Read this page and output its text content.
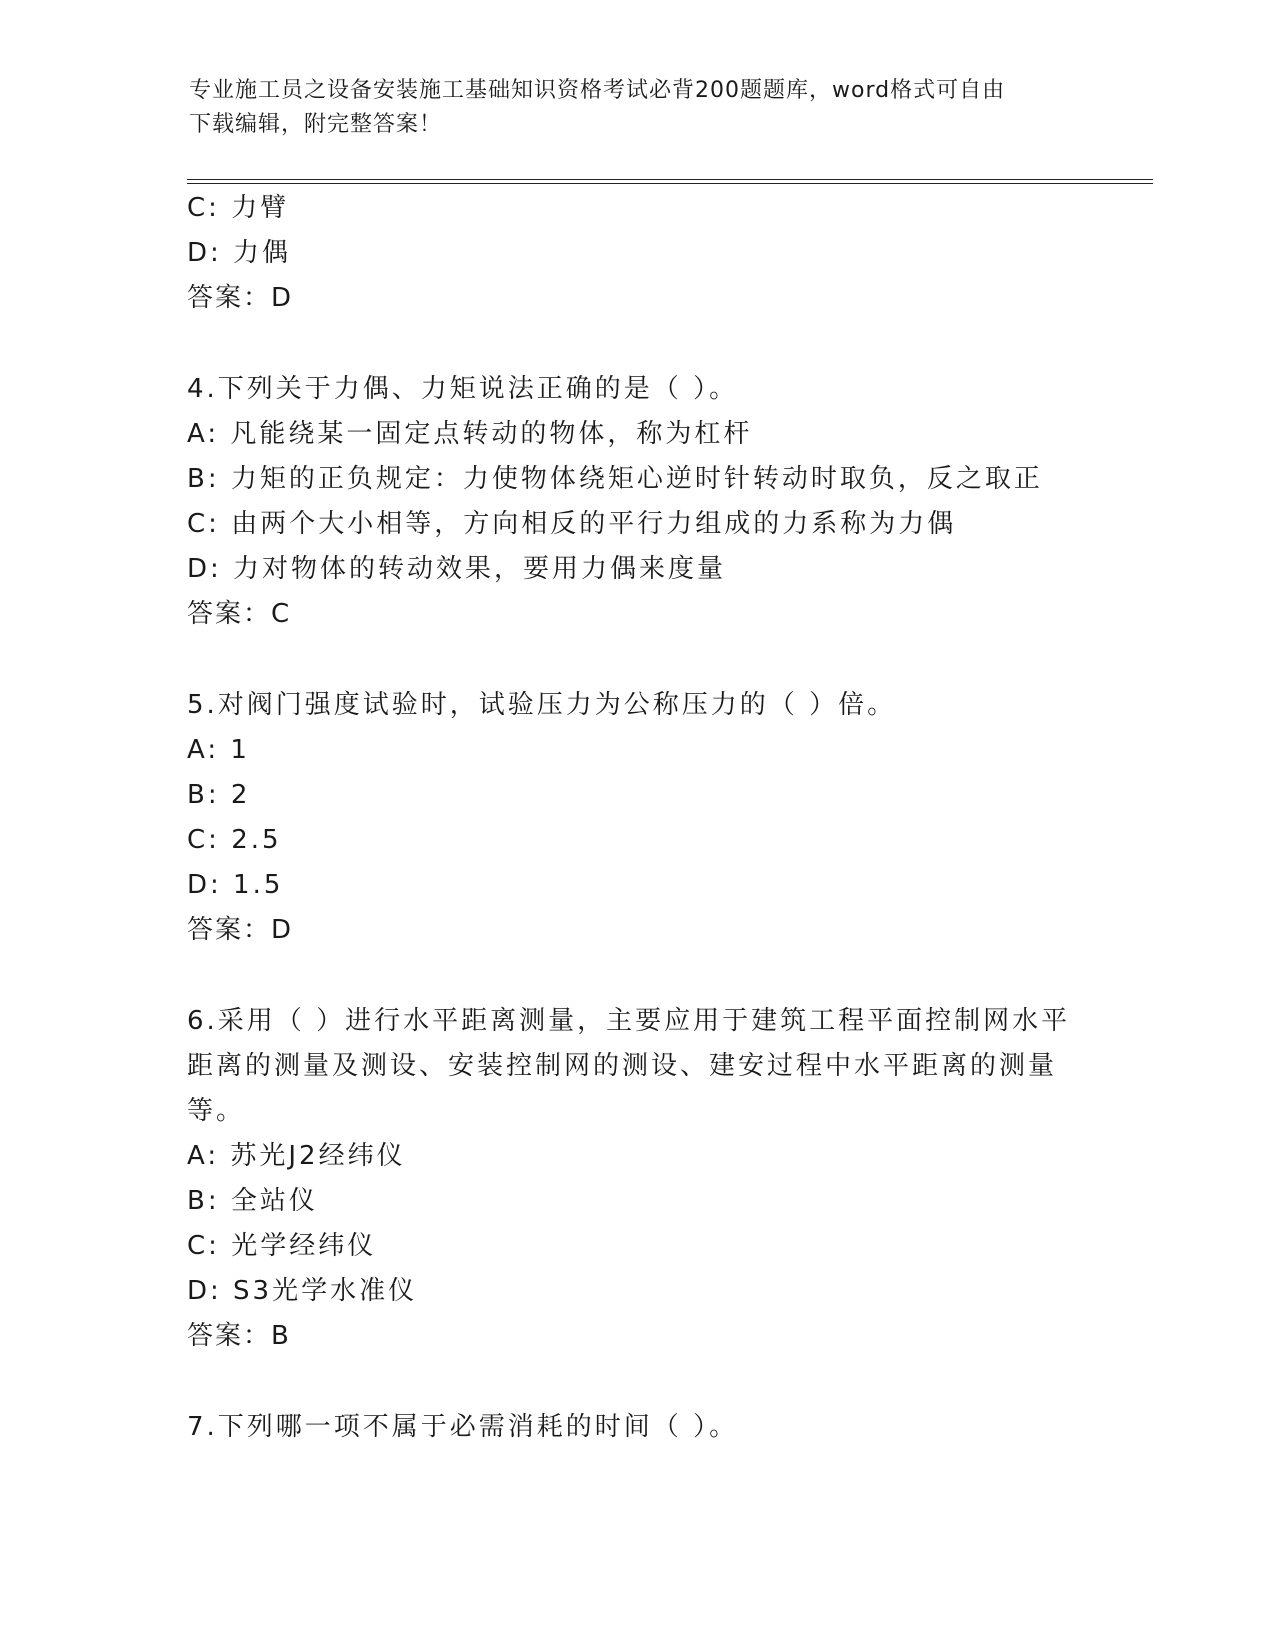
专业施工员之设备安装施工基础知识资格考试必背200题题库，word格式可自由
下载编辑，附完整答案！
C: 力臂
D: 力偶
答案：D
4.下列关于力偶、力矩说法正确的是（ ）。
A: 凡能绕某一固定点转动的物体，称为杠杆
B: 力矩的正负规定：力使物体绕矩心逆时针转动时取负，反之取正
C: 由两个大小相等，方向相反的平行力组成的力系称为力偶
D: 力对物体的转动效果，要用力偶来度量
答案：C
5.对阀门强度试验时，试验压力为公称压力的（ ）倍。
A: 1
B: 2
C: 2.5
D: 1.5
答案：D
6.采用（ ）进行水平距离测量，主要应用于建筑工程平面控制网水平
距离的测量及测设、安装控制网的测设、建安过程中水平距离的测量
等。
A: 苏光J2经纬仪
B: 全站仪
C: 光学经纬仪
D: S3光学水准仪
答案：B
7.下列哪一项不属于必需消耗的时间（ ）。
